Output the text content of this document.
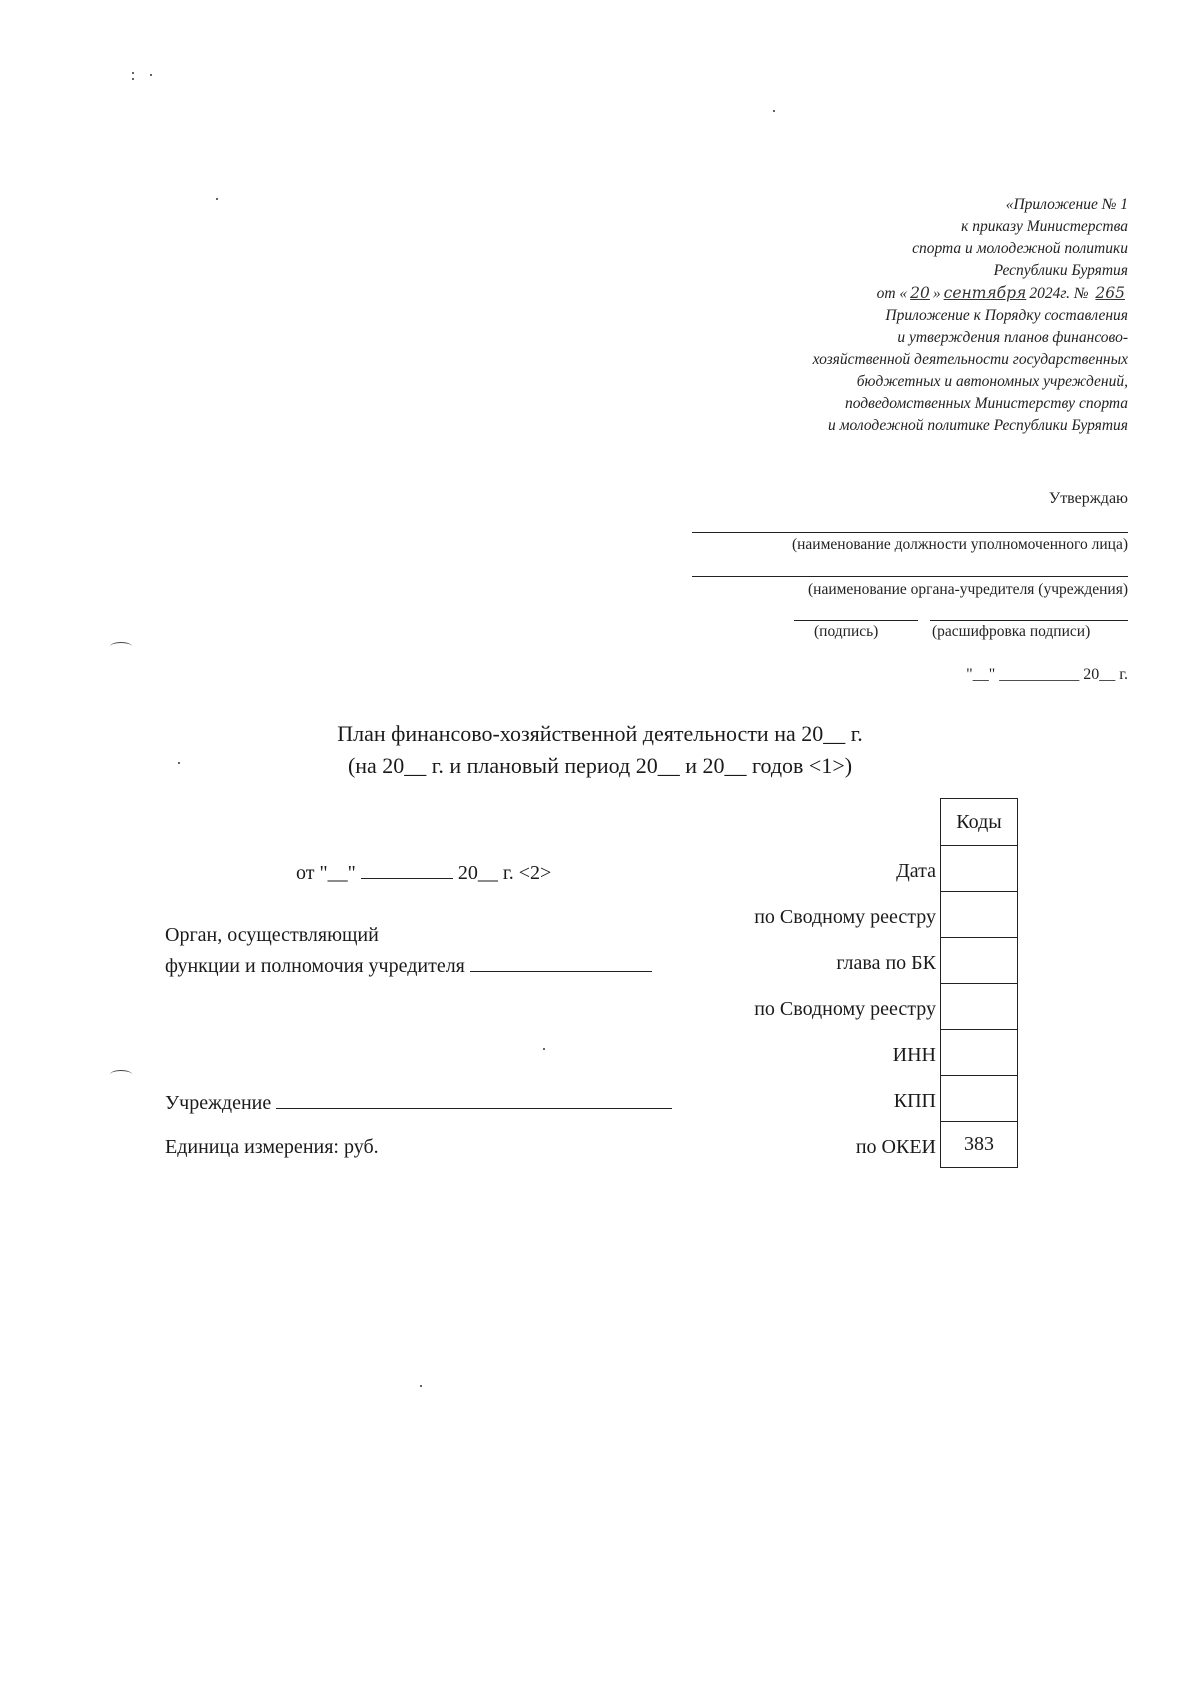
«Приложение № 1
к приказу Министерства
спорта и молодежной политики
Республики Бурятия
от « 20 » сентября 2024г. № 265
Приложение к Порядку составления
и утверждения планов финансово-
хозяйственной деятельности государственных
бюджетных и автономных учреждений,
подведомственных Министерству спорта
и молодежной политике Республики Бурятия
Утверждаю
(наименование должности уполномоченного лица)
(наименование органа-учредителя (учреждения)
(подпись)	(расшифровка подписи)
"__" __________ 20__ г.
План финансово-хозяйственной деятельности на 20__ г.
(на 20__ г. и плановый период 20__ и 20__ годов <1>)
от "__"	20__ г. <2>
Орган, осуществляющий
функции и полномочия учредителя
Учреждение
Единица измерения: руб.
Дата
по Сводному реестру
глава по БК
по Сводному реестру
ИНН
КПП
по ОКЕИ
Коды
383
